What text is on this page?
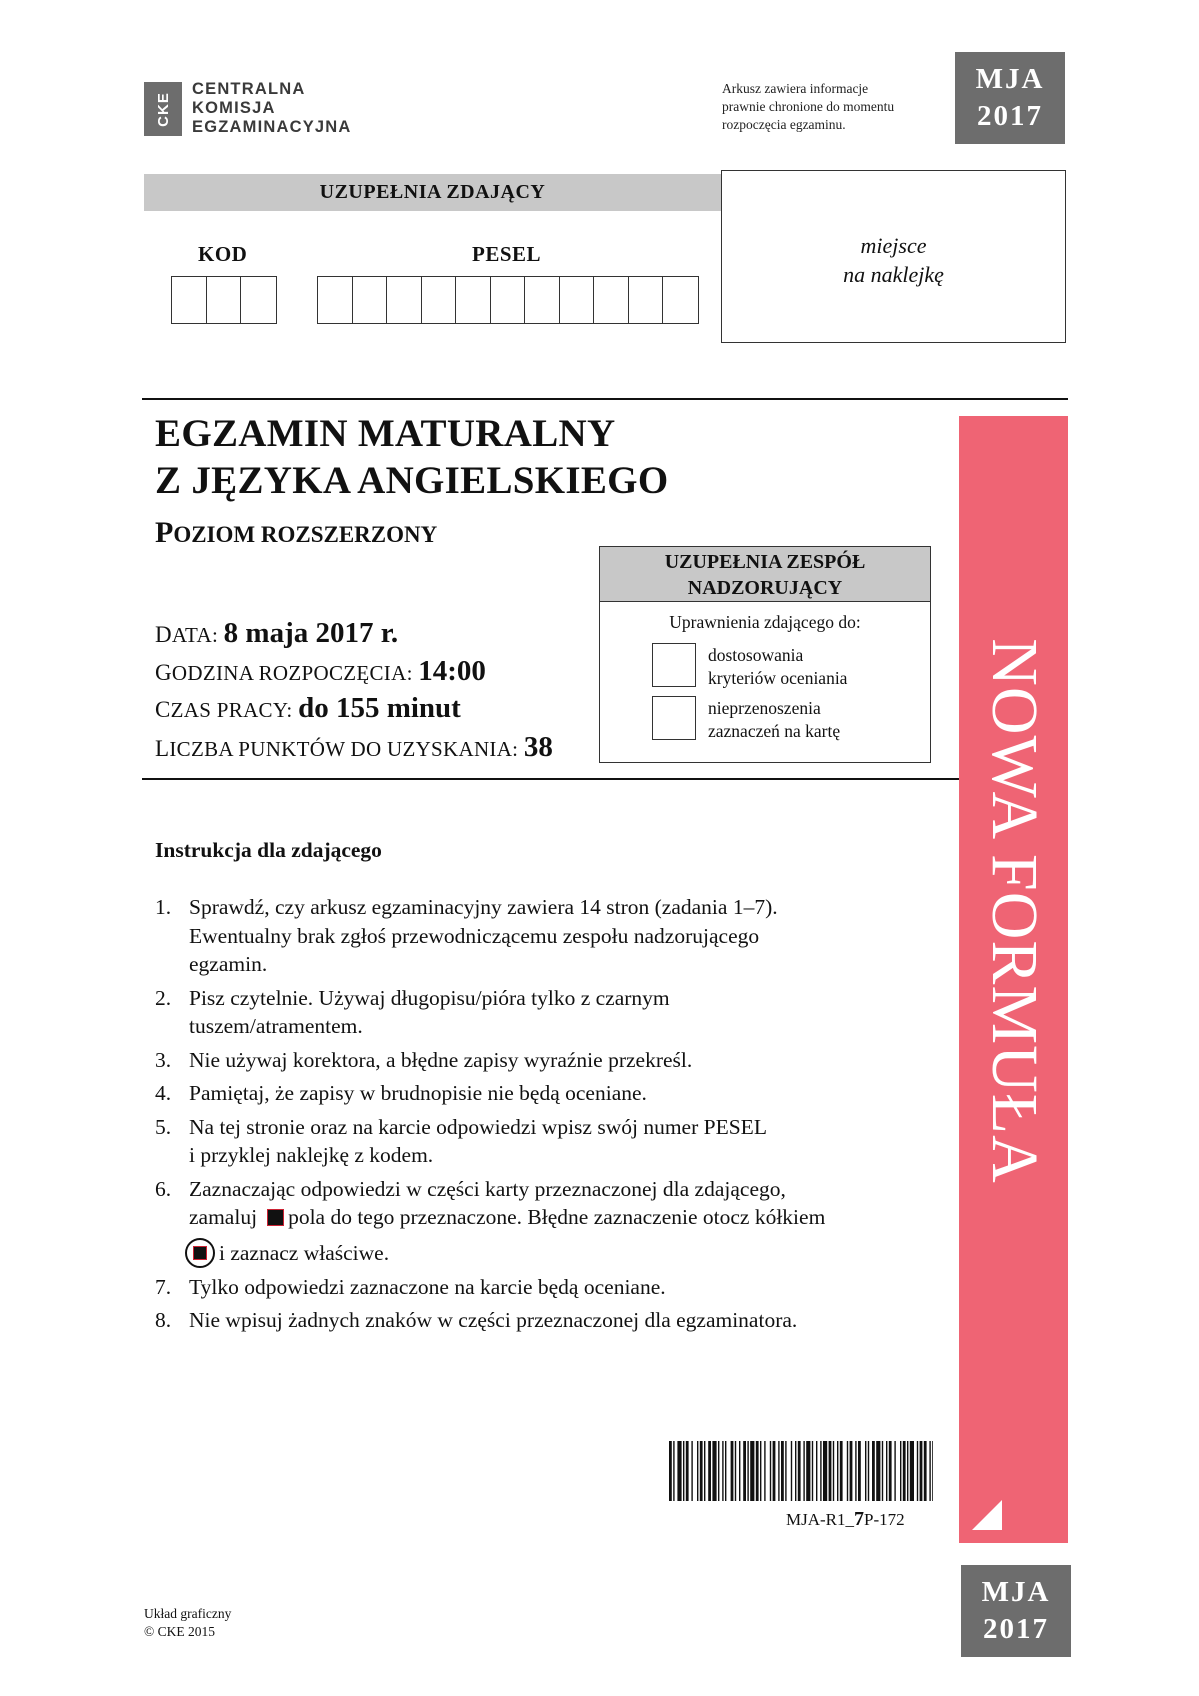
CKE
CENTRALNA
KOMISJA
EGZAMINACYJNA
Arkusz zawiera informacje
prawnie chronione do momentu
rozpoczęcia egzaminu.
MJA
2017
UZUPEŁNIA ZDAJĄCY
KOD	PESEL	miejsce
na naklejkę
NOWA FORMUŁA
EGZAMIN MATURALNY
Z JĘZYKA ANGIELSKIEGO
POZIOM ROZSZERZONY
DATA: 8 maja 2017 r.
GODZINA ROZPOCZĘCIA: 14:00
CZAS PRACY: do 155 minut
LICZBA PUNKTÓW DO UZYSKANIA: 38
UZUPEŁNIA ZESPÓŁ
NADZORUJĄCY
Uprawnienia zdającego do:
dostosowania
kryteriów oceniania
nieprzenoszenia
zaznaczeń na kartę
Instrukcja dla zdającego
1. Sprawdź, czy arkusz egzaminacyjny zawiera 14 stron (zadania 1–7).
Ewentualny brak zgłoś przewodniczącemu zespołu nadzorującego
egzamin.
2. Pisz czytelnie. Używaj długopisu/pióra tylko z czarnym
tuszem/atramentem.
3. Nie używaj korektora, a błędne zapisy wyraźnie przekreśl.
4. Pamiętaj, że zapisy w brudnopisie nie będą oceniane.
5. Na tej stronie oraz na karcie odpowiedzi wpisz swój numer PESEL
i przyklej naklejkę z kodem.
6. Zaznaczając odpowiedzi w części karty przeznaczonej dla zdającego,
zamaluj pola do tego przeznaczone. Błędne zaznaczenie otocz kółkiem
i zaznacz właściwe.
7. Tylko odpowiedzi zaznaczone na karcie będą oceniane.
8. Nie wpisuj żadnych znaków w części przeznaczonej dla egzaminatora.
MJA-R1_7P-172
Układ graficzny
© CKE 2015
MJA
2017
